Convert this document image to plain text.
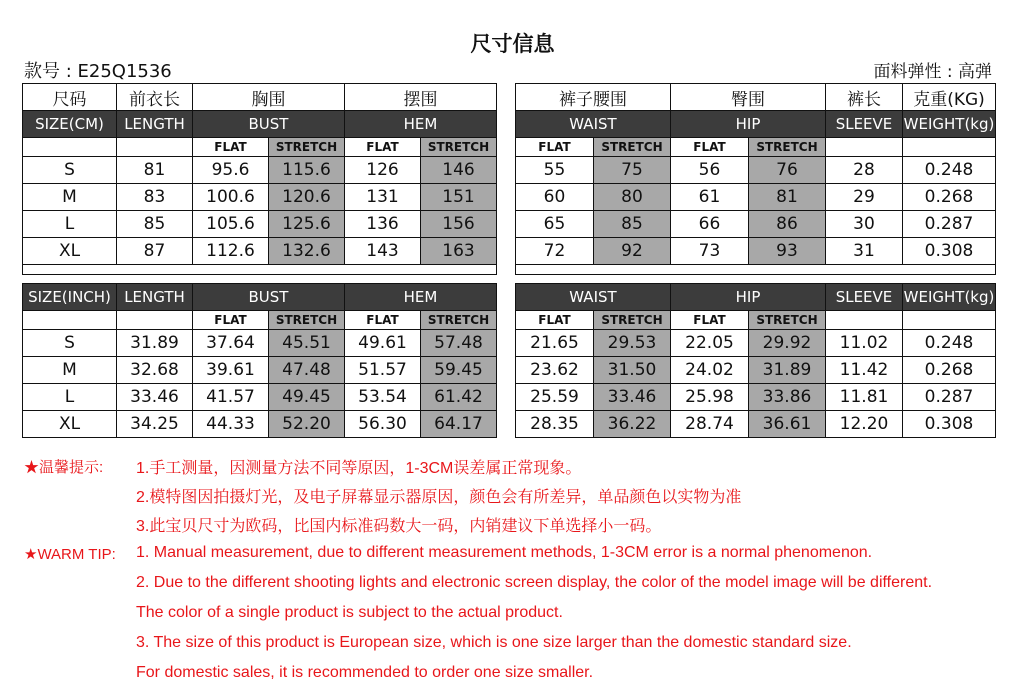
尺寸信息
款号 : E25Q1536	面料弹性 : 高弹
尺码	前衣长	胸围		摆围	
SIZE(CM)	LENGTH	BUST		HEM	
		FLAT	STRETCH	FLAT	STRETCH
S	81	95.6	115.6	126	146
M	83	100.6	120.6	131	151
L	85	105.6	125.6	136	156
XL	87	112.6	132.6	143	163

裤子腰围		臀围		裤长	克重(KG)
WAIST		HIP		SLEEVE	WEIGHT(kg)
FLAT	STRETCH	FLAT	STRETCH		
55	75	56	76	28	0.248
60	80	61	81	29	0.268
65	85	66	86	30	0.287
72	92	73	93	31	0.308

SIZE(INCH)	LENGTH	BUST		HEM	
		FLAT	STRETCH	FLAT	STRETCH
S	31.89	37.64	45.51	49.61	57.48
M	32.68	39.61	47.48	51.57	59.45
L	33.46	41.57	49.45	53.54	61.42
XL	34.25	44.33	52.20	56.30	64.17
WAIST		HIP		SLEEVE	WEIGHT(kg)
FLAT	STRETCH	FLAT	STRETCH		
21.65	29.53	22.05	29.92	11.02	0.248
23.62	31.50	24.02	31.89	11.42	0.268
25.59	33.46	25.98	33.86	11.81	0.287
28.35	36.22	28.74	36.61	12.20	0.308
★温馨提示: 1.手工测量，因测量方法不同等原因，1-3CM误差属正常现象。
2.模特图因拍摄灯光，及电子屏幕显示器原因，颜色会有所差异，单品颜色以实物为准
3.此宝贝尺寸为欧码，比国内标准码数大一码，内销建议下单选择小一码。
★WARM TIP: 1. Manual measurement, due to different measurement methods, 1-3CM error is a normal phenomenon.
2. Due to the different shooting lights and electronic screen display, the color of the model image will be different.
The color of a single product is subject to the actual product.
3. The size of this product is European size, which is one size larger than the domestic standard size.
For domestic sales, it is recommended to order one size smaller.
